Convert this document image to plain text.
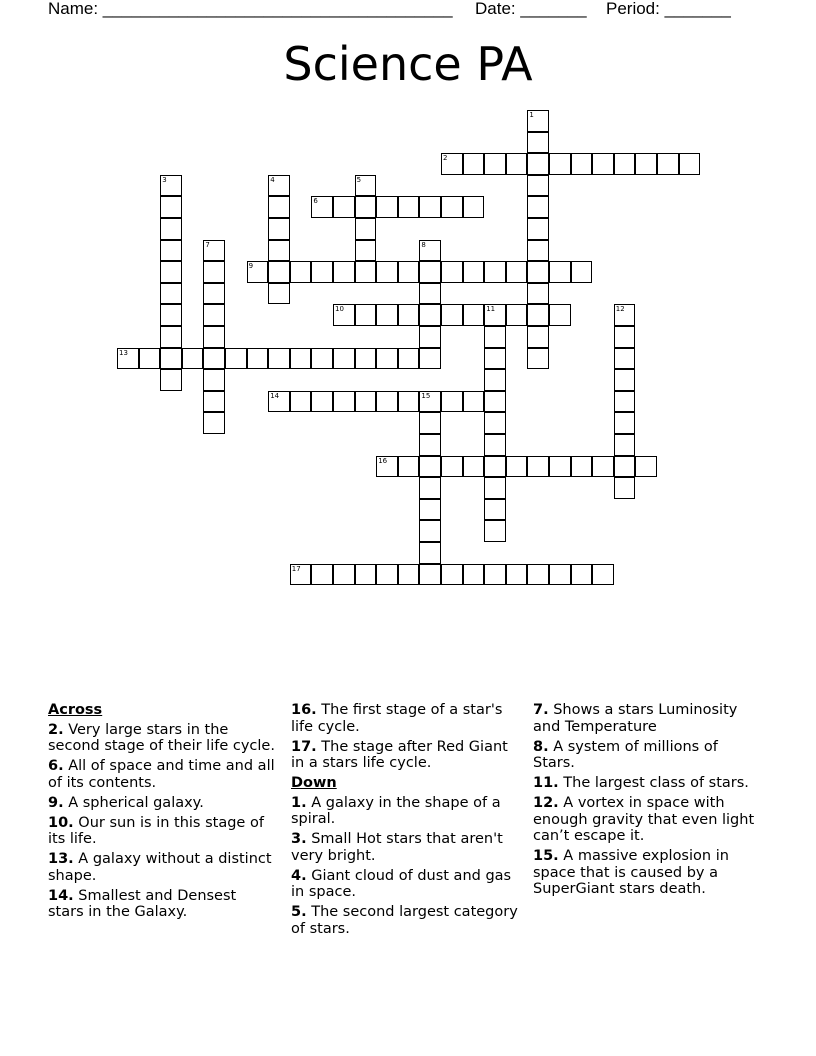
Name: _____________________________________

Date: _______

Period: _______

Science PA
1
2
3	4	5
6
7	8
9
10	11	12
13
14	15
16
17
Across
2. Very large stars in the second stage of their life cycle.
6. All of space and time and all of its contents.
9. A spherical galaxy.
10. Our sun is in this stage of its life.
13. A galaxy without a distinct shape.
14. Smallest and Densest stars in the Galaxy.
16. The first stage of a star's life cycle.
17. The stage after Red Giant in a stars life cycle.
Down
1. A galaxy in the shape of a spiral.
3. Small Hot stars that aren't very bright.
4. Giant cloud of dust and gas in space.
5. The second largest category of stars.
7. Shows a stars Luminosity and Temperature
8. A system of millions of Stars.
11. The largest class of stars.
12. A vortex in space with enough gravity that even light can’t escape it.
15. A massive explosion in space that is caused by a SuperGiant stars death.
